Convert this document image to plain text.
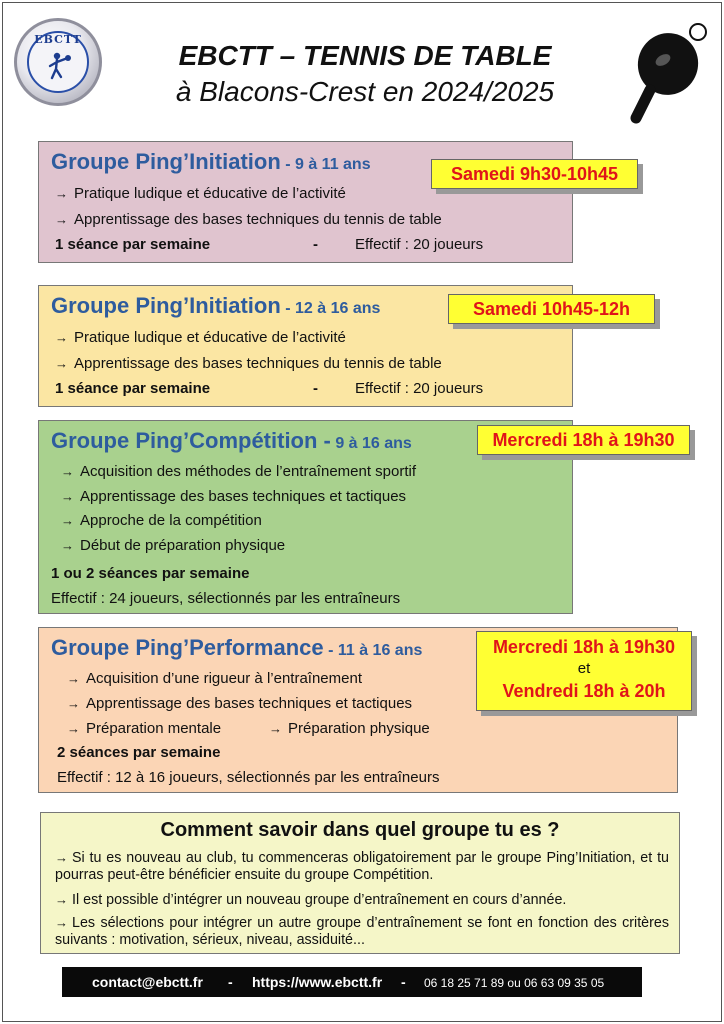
EBCTT
EBCTT – TENNIS DE TABLE
à Blacons-Crest en 2024/2025
Groupe Ping’Initiation - 9 à 11 ans
→ Pratique ludique et éducative de l’activité
→ Apprentissage des bases techniques du tennis de table
1 séance par semaine	- Effectif : 20 joueurs
Samedi 9h30-10h45
Groupe Ping’Initiation - 12 à 16 ans
→ Pratique ludique et éducative de l’activité
→ Apprentissage des bases techniques du tennis de table
1 séance par semaine	- Effectif : 20 joueurs
Samedi 10h45-12h
Groupe Ping’Compétition - 9 à 16 ans
→ Acquisition des méthodes de l’entraînement sportif
→ Apprentissage des bases techniques et tactiques
→ Approche de la compétition
→ Début de préparation physique
1 ou 2 séances par semaine
Effectif : 24 joueurs, sélectionnés par les entraîneurs
Mercredi 18h à 19h30
Groupe Ping’Performance - 11 à 16 ans
→ Acquisition d’une rigueur à l’entraînement
→ Apprentissage des bases techniques et tactiques
→ Préparation mentale	→ Préparation physique
2 séances par semaine
Effectif : 12 à 16 joueurs, sélectionnés par les entraîneurs
Mercredi 18h à 19h30
et
Vendredi 18h à 20h
Comment savoir dans quel groupe tu es ?
→ Si tu es nouveau au club, tu commenceras obligatoirement par le groupe Ping’Initiation, et tu pourras peut-être bénéficier ensuite du groupe Compétition.
→ Il est possible d’intégrer un nouveau groupe d’entraînement en cours d’année.
→ Les sélections pour intégrer un autre groupe d’entraînement se font en fonction des critères suivants : motivation, sérieux, niveau, assiduité...
contact@ebctt.fr - https://www.ebctt.fr - 06 18 25 71 89 ou 06 63 09 35 05
